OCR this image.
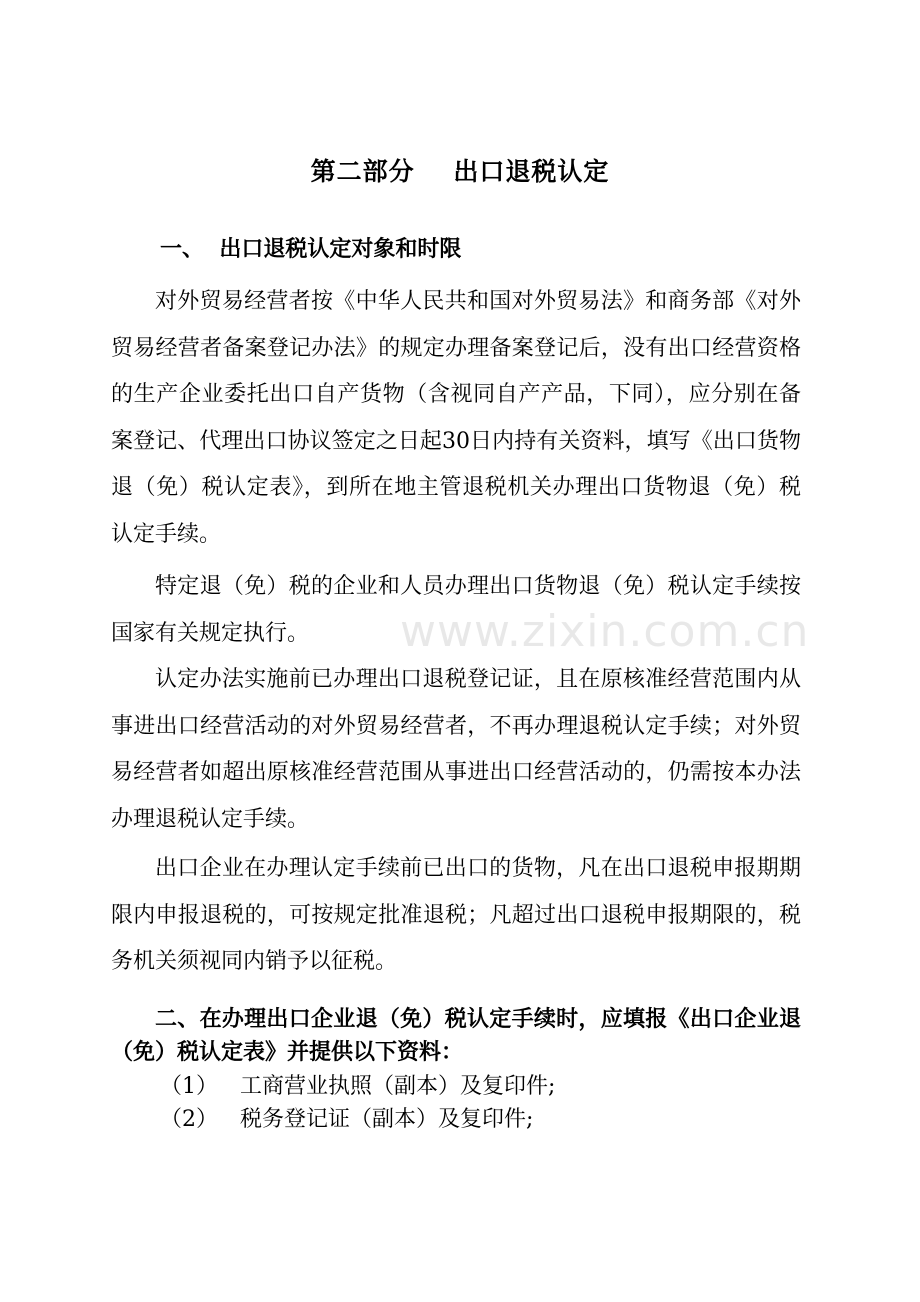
第二部分    出口退税认定
一、  出口退税认定对象和时限

对外贸易经营者按《中华人民共和国对外贸易法》和商务部《对外贸易经营者备案登记办法》的规定办理备案登记后，没有出口经营资格的生产企业委托出口自产货物（含视同自产产品，下同），应分别在备案登记、代理出口协议签定之日起30日内持有关资料，填写《出口货物退（免）税认定表》，到所在地主管退税机关办理出口货物退（免）税认定手续。

特定退（免）税的企业和人员办理出口货物退（免）税认定手续按国家有关规定执行。

认定办法实施前已办理出口退税登记证，且在原核准经营范围内从事进出口经营活动的对外贸易经营者，不再办理退税认定手续；对外贸易经营者如超出原核准经营范围从事进出口经营活动的，仍需按本办法办理退税认定手续。

出口企业在办理认定手续前已出口的货物，凡在出口退税申报期期限内申报退税的，可按规定批准退税；凡超过出口退税申报期限的，税务机关须视同内销予以征税。

二、在办理出口企业退（免）税认定手续时，应填报《出口企业退（免）税认定表》并提供以下资料：

（1） 工商营业执照（副本）及复印件;
（2） 税务登记证（副本）及复印件;
www.zixin.com.cn
